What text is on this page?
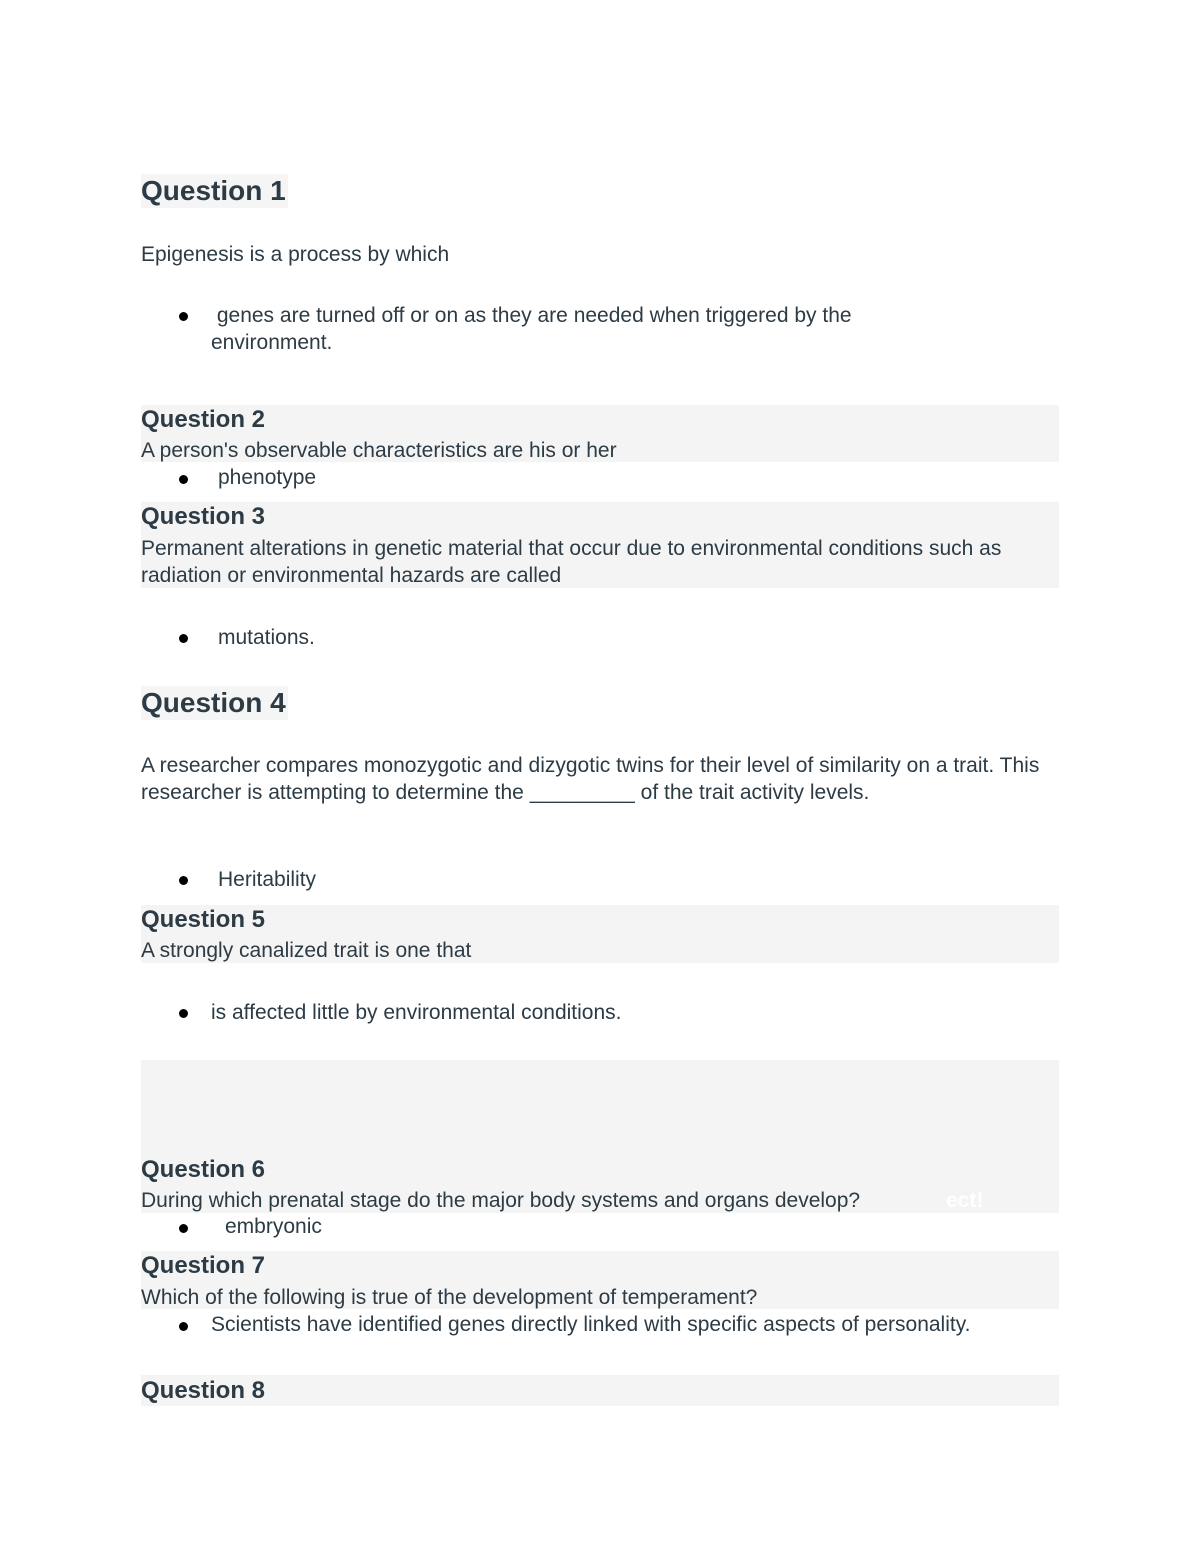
Question 1
Epigenesis is a process by which
genes are turned off or on as they are needed when triggered by the environment.
Question 2
A person's observable characteristics are his or her
phenotype
Question 3
Permanent alterations in genetic material that occur due to environmental conditions such as radiation or environmental hazards are called
mutations.
Question 4
A researcher compares monozygotic and dizygotic twins for their level of similarity on a trait. This researcher is attempting to determine the _________ of the trait activity levels.
Heritability
Question 5
A strongly canalized trait is one that
is affected little by environmental conditions.
Question 6
During which prenatal stage do the major body systems and organs develop?	ect!
embryonic
Question 7
Which of the following is true of the development of temperament?
Scientists have identified genes directly linked with specific aspects of personality.
Question 8
